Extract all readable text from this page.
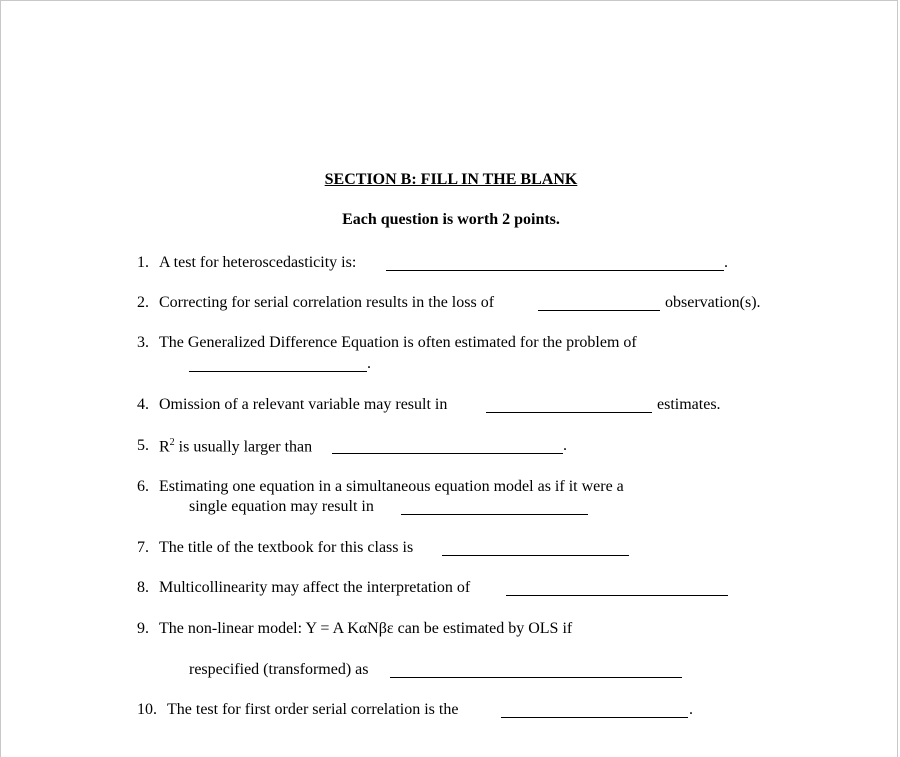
SECTION B: FILL IN THE BLANK
Each question is worth 2 points.
1. A test for heteroscedasticity is:	.
2. Correcting for serial correlation results in the loss of	observation(s).
3. The Generalized Difference Equation is often estimated for the problem of
.
4. Omission of a relevant variable may result in	estimates.
5. $R^2$ is usually larger than	.
6. Estimating one equation in a simultaneous equation model as if it were a
single equation may result in
7. The title of the textbook for this class is
8. Multicollinearity may affect the interpretation of
9. The non-linear model: Y = A KαNβε can be estimated by OLS if
respecified (transformed) as
10. The test for first order serial correlation is the	.
